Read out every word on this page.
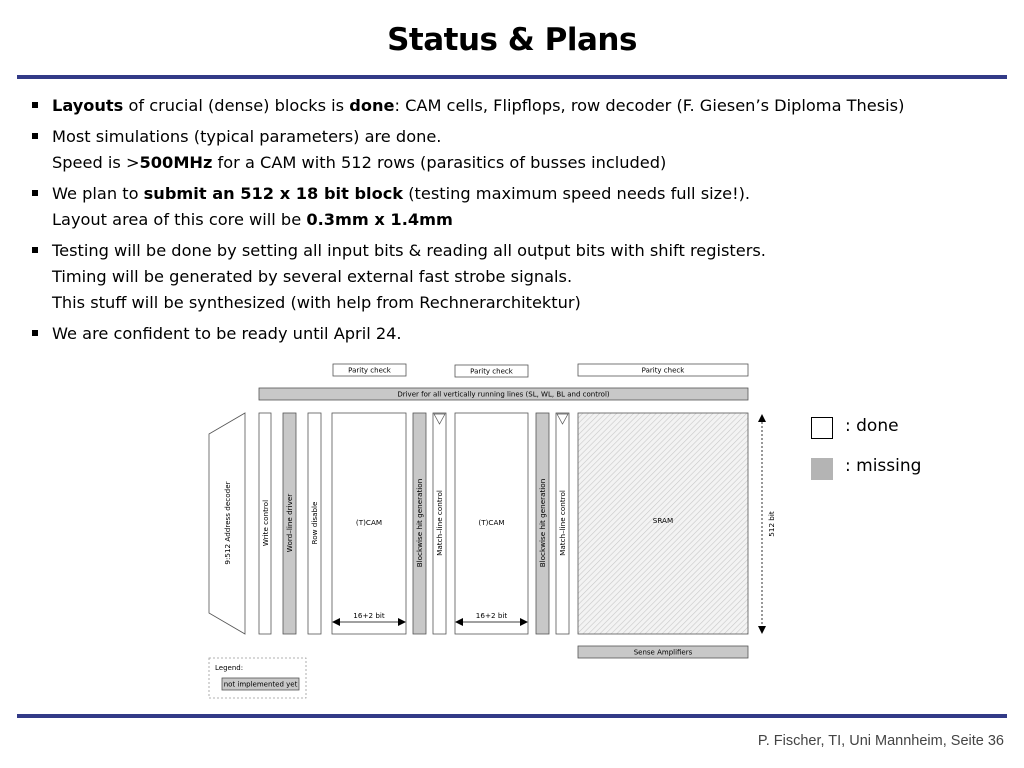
Status & Plans
Layouts of crucial (dense) blocks is done: CAM cells, Flipflops, row decoder (F. Giesen’s Diploma Thesis)
Most simulations (typical parameters) are done.
Speed is >500MHz for a CAM with 512 rows (parasitics of busses included)
We plan to submit an 512 x 18 bit block (testing maximum speed needs full size!).
Layout area of this core will be 0.3mm x 1.4mm
Testing will be done by setting all input bits & reading all output bits with shift registers.
Timing will be generated by several external fast strobe signals.
This stuff will be synthesized (with help from Rechnerarchitektur)
We are confident to be ready until April 24.
Parity check	Parity check	Parity check
Driver for all vertically running lines (SL, WL, BL and control)
9:512 Address decoder	Write control Word–line driver Row disable	(T)CAM
16+2 bit
Blockwise hit generation Match–line control	(T)CAM
16+2 bit
Blockwise hit generation Match–line control	SRAM	512 bit
Sense Amplifiers
Legend:
not implemented yet
: done
: missing
P. Fischer, TI, Uni Mannheim, Seite 36
